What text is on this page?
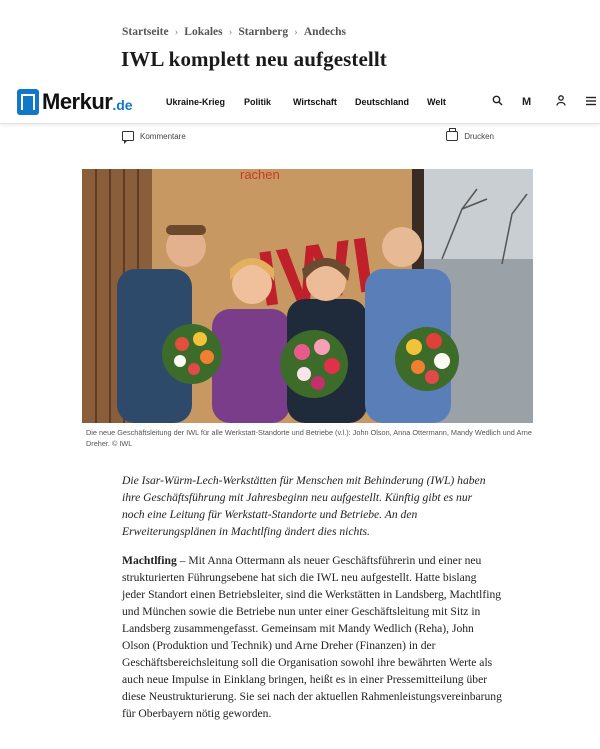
Startseite › Lokales › Starnberg › Andechs
IWL komplett neu aufgestellt
Merkur .de	Ukraine-Krieg Politik Wirtschaft Deutschland Welt	M
Kommentare	Drucken
rachen

Die neue Geschäftsleitung der IWL für alle Werkstatt-Standorte und Betriebe (v.l.): John Olson, Anna Ottermann, Mandy Wedlich und Arne Dreher. © IWL

Die Isar-Würm-Lech-Werkstätten für Menschen mit Behinderung (IWL) haben ihre Geschäftsführung mit Jahresbeginn neu aufgestellt. Künftig gibt es nur noch eine Leitung für Werkstatt-Standorte und Betriebe. An den Erweiterungsplänen in Machtlfing ändert dies nichts.

Machtlfing – Mit Anna Ottermann als neuer Geschäftsführerin und einer neu strukturierten Führungsebene hat sich die IWL neu aufgestellt. Hatte bislang jeder Standort einen Betriebsleiter, sind die Werkstätten in Landsberg, Machtlfing und München sowie die Betriebe nun unter einer Geschäftsleitung mit Sitz in Landsberg zusammengefasst. Gemeinsam mit Mandy Wedlich (Reha), John Olson (Produktion und Technik) und Arne Dreher (Finanzen) in der Geschäftsbereichsleitung soll die Organisation sowohl ihre bewährten Werte als auch neue Impulse in Einklang bringen, heißt es in einer Pressemitteilung über diese Neustrukturierung. Sie sei nach der aktuellen Rahmenleistungsvereinbarung für Oberbayern nötig geworden.
